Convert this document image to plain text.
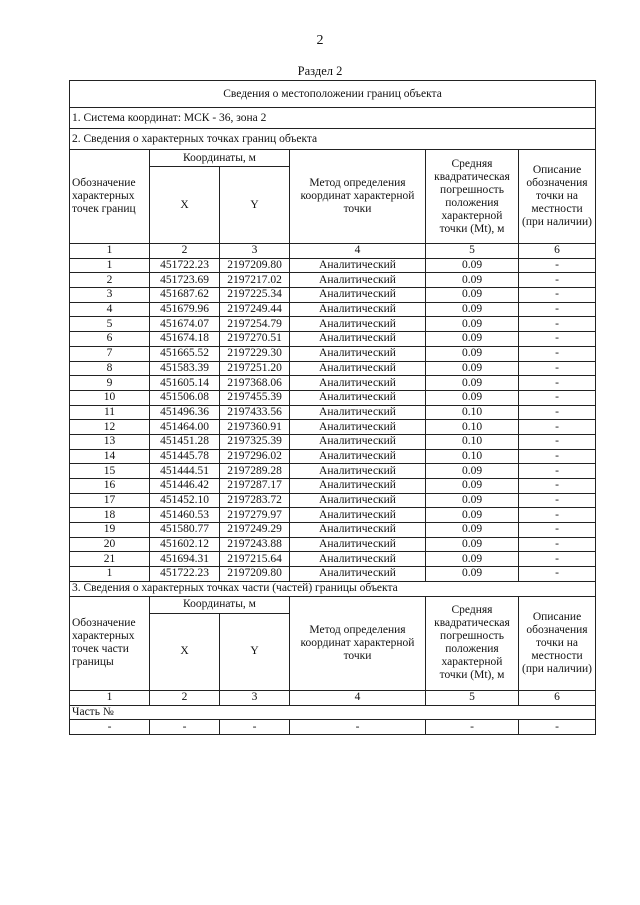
2
Раздел 2
Сведения о местоположении границ объекта					
1. Система координат: МСК - 36, зона 2					
2. Сведения о характерных точках границ объекта					
Обозначение характерных точек границ	Координаты, м		Метод определения координат характерной точки	Средняя квадратическая погрешность положения характерной точки (Mt), м	Описание обозначения точки на местности (при наличии)
	X	Y			
1	2	3	4	5	6
1	451722.23	2197209.80	Аналитический	0.09	-
2	451723.69	2197217.02	Аналитический	0.09	-
3	451687.62	2197225.34	Аналитический	0.09	-
4	451679.96	2197249.44	Аналитический	0.09	-
5	451674.07	2197254.79	Аналитический	0.09	-
6	451674.18	2197270.51	Аналитический	0.09	-
7	451665.52	2197229.30	Аналитический	0.09	-
8	451583.39	2197251.20	Аналитический	0.09	-
9	451605.14	2197368.06	Аналитический	0.09	-
10	451506.08	2197455.39	Аналитический	0.09	-
11	451496.36	2197433.56	Аналитический	0.10	-
12	451464.00	2197360.91	Аналитический	0.10	-
13	451451.28	2197325.39	Аналитический	0.10	-
14	451445.78	2197296.02	Аналитический	0.10	-
15	451444.51	2197289.28	Аналитический	0.09	-
16	451446.42	2197287.17	Аналитический	0.09	-
17	451452.10	2197283.72	Аналитический	0.09	-
18	451460.53	2197279.97	Аналитический	0.09	-
19	451580.77	2197249.29	Аналитический	0.09	-
20	451602.12	2197243.88	Аналитический	0.09	-
21	451694.31	2197215.64	Аналитический	0.09	-
1	451722.23	2197209.80	Аналитический	0.09	-
3. Сведения о характерных точках части (частей) границы объекта					
Обозначение характерных точек части границы	Координаты, м		Метод определения координат характерной точки	Средняя квадратическая погрешность положения характерной точки (Mt), м	Описание обозначения точки на местности (при наличии)
	X	Y			
1	2	3	4	5	6
Часть №					
-	-	-	-	-	-
